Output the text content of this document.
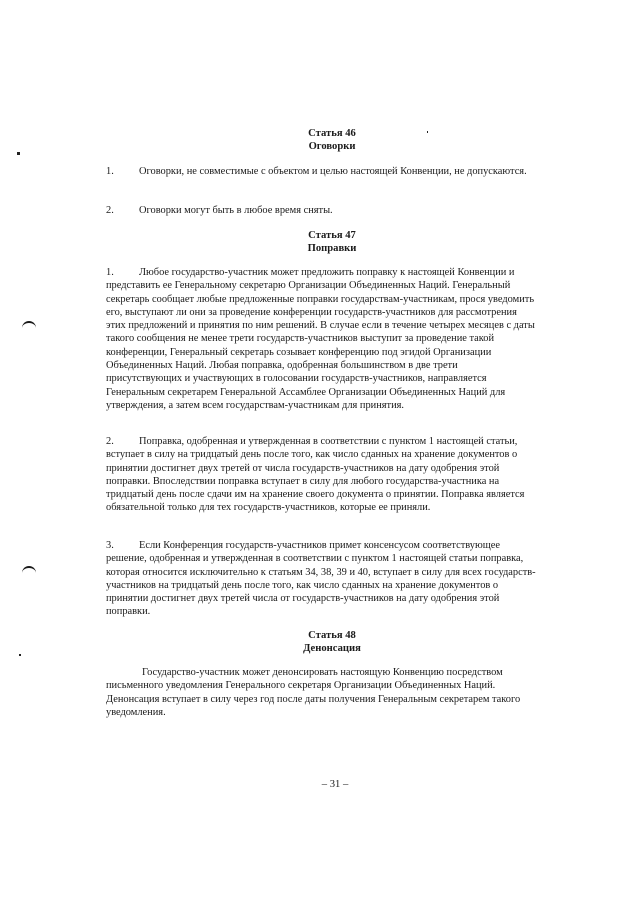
Статья 46
Оговорки
1. Оговорки, не совместимые с объектом и целью настоящей Конвенции, не допускаются.
2. Оговорки могут быть в любое время сняты.
Статья 47
Поправки
1. Любое государство-участник может предложить поправку к настоящей Конвенции и представить ее Генеральному секретарю Организации Объединенных Наций. Генеральный секретарь сообщает любые предложенные поправки государствам-участникам, прося уведомить его, выступают ли они за проведение конференции государств-участников для рассмотрения этих предложений и принятия по ним решений. В случае если в течение четырех месяцев с даты такого сообщения не менее трети государств-участников выступит за проведение такой конференции, Генеральный секретарь созывает конференцию под эгидой Организации Объединенных Наций. Любая поправка, одобренная большинством в две трети присутствующих и участвующих в голосовании государств-участников, направляется Генеральным секретарем Генеральной Ассамблее Организации Объединенных Наций для утверждения, а затем всем государствам-участникам для принятия.
2. Поправка, одобренная и утвержденная в соответствии с пунктом 1 настоящей статьи, вступает в силу на тридцатый день после того, как число сданных на хранение документов о принятии достигнет двух третей от числа государств-участников на дату одобрения этой поправки. Впоследствии поправка вступает в силу для любого государства-участника на тридцатый день после сдачи им на хранение своего документа о принятии. Поправка является обязательной только для тех государств-участников, которые ее приняли.
3. Если Конференция государств-участников примет консенсусом соответствующее решение, одобренная и утвержденная в соответствии с пунктом 1 настоящей статьи поправка, которая относится исключительно к статьям 34, 38, 39 и 40, вступает в силу для всех государств-участников на тридцатый день после того, как число сданных на хранение документов о принятии достигнет двух третей числа от государств-участников на дату одобрения этой поправки.
Статья 48
Денонсация
Государство-участник может денонсировать настоящую Конвенцию посредством письменного уведомления Генерального секретаря Организации Объединенных Наций. Денонсация вступает в силу через год после даты получения Генеральным секретарем такого уведомления.
– 31 –
